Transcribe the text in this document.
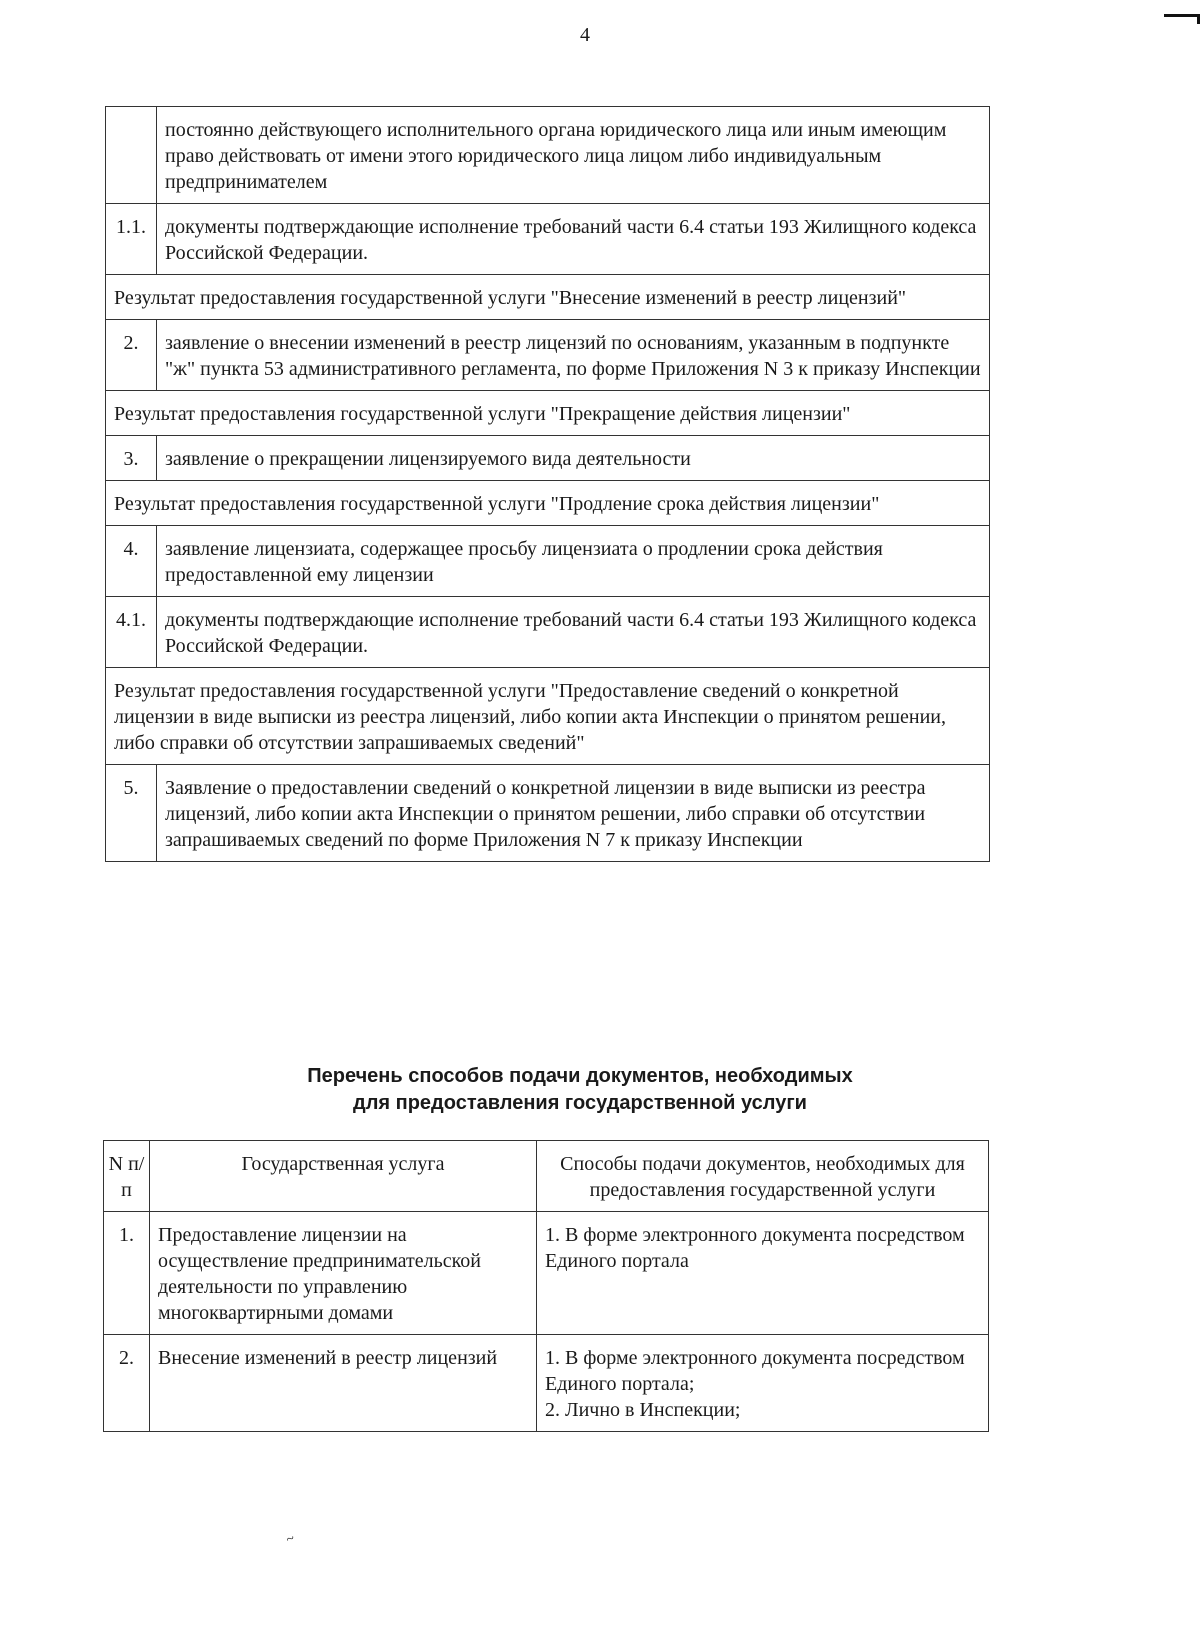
4
	постоянно действующего исполнительного органа юридического лица или иным имеющим право действовать от имени этого юридического лица лицом либо индивидуальным предпринимателем
1.1.	документы подтверждающие исполнение требований части 6.4 статьи 193 Жилищного кодекса Российской Федерации.
Результат предоставления государственной услуги "Внесение изменений в реестр лицензий"	
2.	заявление о внесении изменений в реестр лицензий по основаниям, указанным в подпункте "ж" пункта 53 административного регламента, по форме Приложения N 3 к приказу Инспекции
Результат предоставления государственной услуги "Прекращение действия лицензии"	
3.	заявление о прекращении лицензируемого вида деятельности
Результат предоставления государственной услуги "Продление срока действия лицензии"	
4.	заявление лицензиата, содержащее просьбу лицензиата о продлении срока действия предоставленной ему лицензии
4.1.	документы подтверждающие исполнение требований части 6.4 статьи 193 Жилищного кодекса Российской Федерации.
Результат предоставления государственной услуги "Предоставление сведений о конкретной лицензии в виде выписки из реестра лицензий, либо копии акта Инспекции о принятом решении, либо справки об отсутствии запрашиваемых сведений"	
5.	Заявление о предоставлении сведений о конкретной лицензии в виде выписки из реестра лицензий, либо копии акта Инспекции о принятом решении, либо справки об отсутствии запрашиваемых сведений по форме Приложения N 7 к приказу Инспекции
Перечень способов подачи документов, необходимых
для предоставления государственной услуги
N п/п	Государственная услуга	Способы подачи документов, необходимых для предоставления государственной услуги
1.	Предоставление лицензии на осуществление предпринимательской деятельности по управлению многоквартирными домами	1. В форме электронного документа посредством Единого портала

2.	Внесение изменений в реестр лицензий	1. В форме электронного документа посредством Единого портала;
2. Лично в Инспекции;
~
